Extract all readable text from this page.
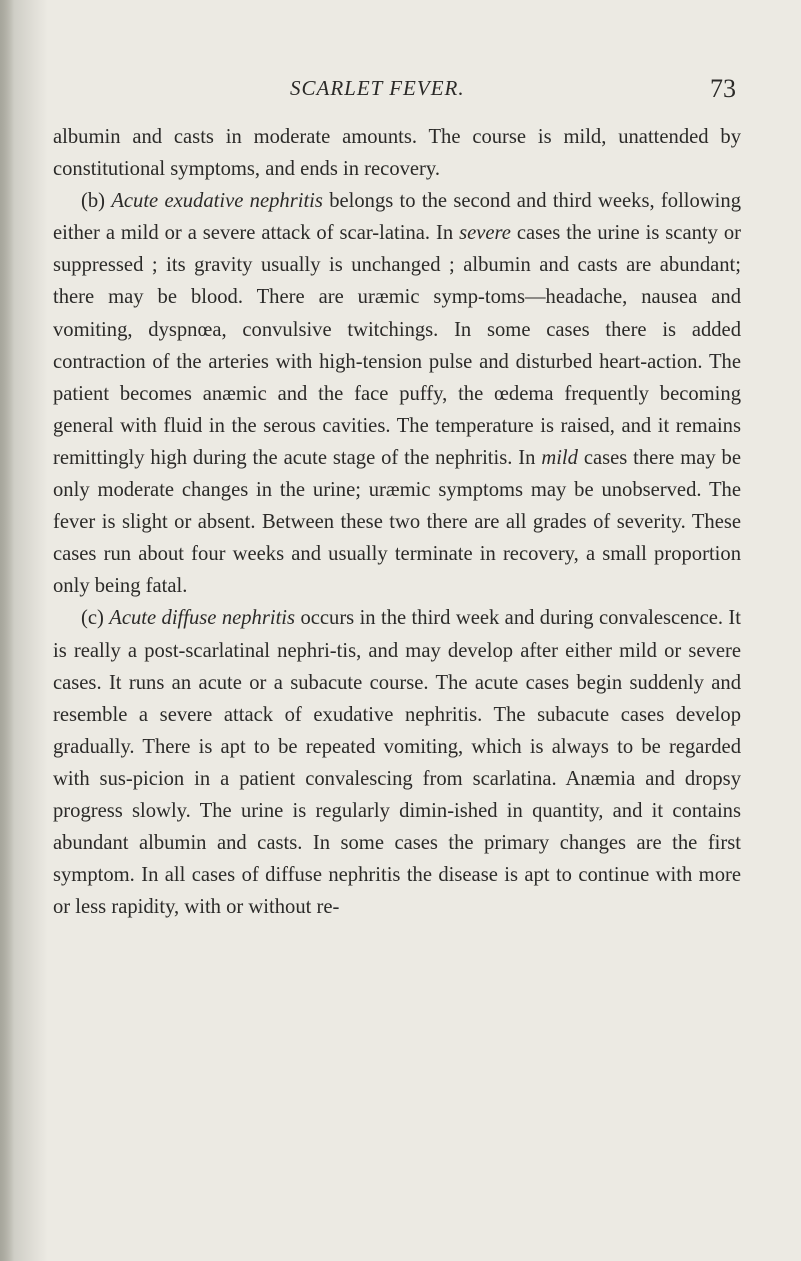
SCARLET FEVER.	73

albumin and casts in moderate amounts. The course is mild, unattended by constitutional symptoms, and ends in recovery.

(b) Acute exudative nephritis belongs to the second and third weeks, following either a mild or a severe attack of scar-latina. In severe cases the urine is scanty or suppressed ; its gravity usually is unchanged ; albumin and casts are abundant; there may be blood. There are uræmic symp-toms—headache, nausea and vomiting, dyspnœa, convulsive twitchings. In some cases there is added contraction of the arteries with high-tension pulse and disturbed heart-action. The patient becomes anæmic and the face puffy, the œdema frequently becoming general with fluid in the serous cavities. The temperature is raised, and it remains remittingly high during the acute stage of the nephritis. In mild cases there may be only moderate changes in the urine; uræmic symptoms may be unobserved. The fever is slight or absent. Between these two there are all grades of severity. These cases run about four weeks and usually terminate in recovery, a small proportion only being fatal.

(c) Acute diffuse nephritis occurs in the third week and during convalescence. It is really a post-scarlatinal nephri-tis, and may develop after either mild or severe cases. It runs an acute or a subacute course. The acute cases begin suddenly and resemble a severe attack of exudative nephritis. The subacute cases develop gradually. There is apt to be repeated vomiting, which is always to be regarded with sus-picion in a patient convalescing from scarlatina. Anæmia and dropsy progress slowly. The urine is regularly dimin-ished in quantity, and it contains abundant albumin and casts. In some cases the primary changes are the first symptom. In all cases of diffuse nephritis the disease is apt to continue with more or less rapidity, with or without re-
